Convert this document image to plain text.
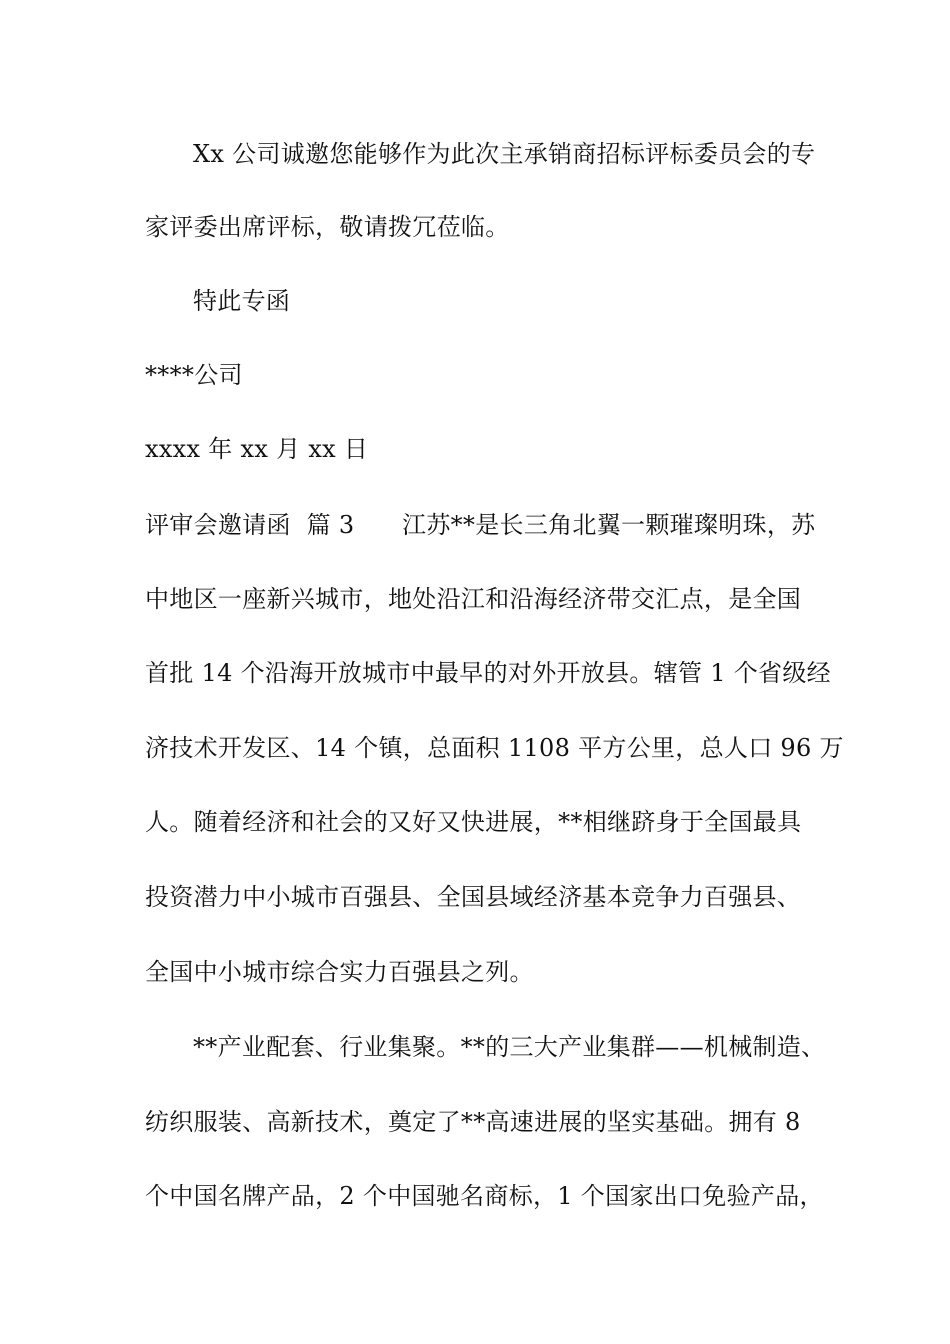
Xx 公司诚邀您能够作为此次主承销商招标评标委员会的专

家评委出席评标，敬请拨冗莅临。

特此专函

****公司

xxxx 年 xx 月 xx 日

评审会邀请函  篇 3      江苏**是长三角北翼一颗璀璨明珠，苏

中地区一座新兴城市，地处沿江和沿海经济带交汇点，是全国

首批 14 个沿海开放城市中最早的对外开放县。辖管 1 个省级经

济技术开发区、14 个镇，总面积 1108 平方公里，总人口 96 万

人。随着经济和社会的又好又快进展，**相继跻身于全国最具

投资潜力中小城市百强县、全国县域经济基本竞争力百强县、

全国中小城市综合实力百强县之列。

**产业配套、行业集聚。**的三大产业集群——机械制造、

纺织服装、高新技术，奠定了**高速进展的坚实基础。拥有 8

个中国名牌产品，2 个中国驰名商标，1 个国家出口免验产品，
